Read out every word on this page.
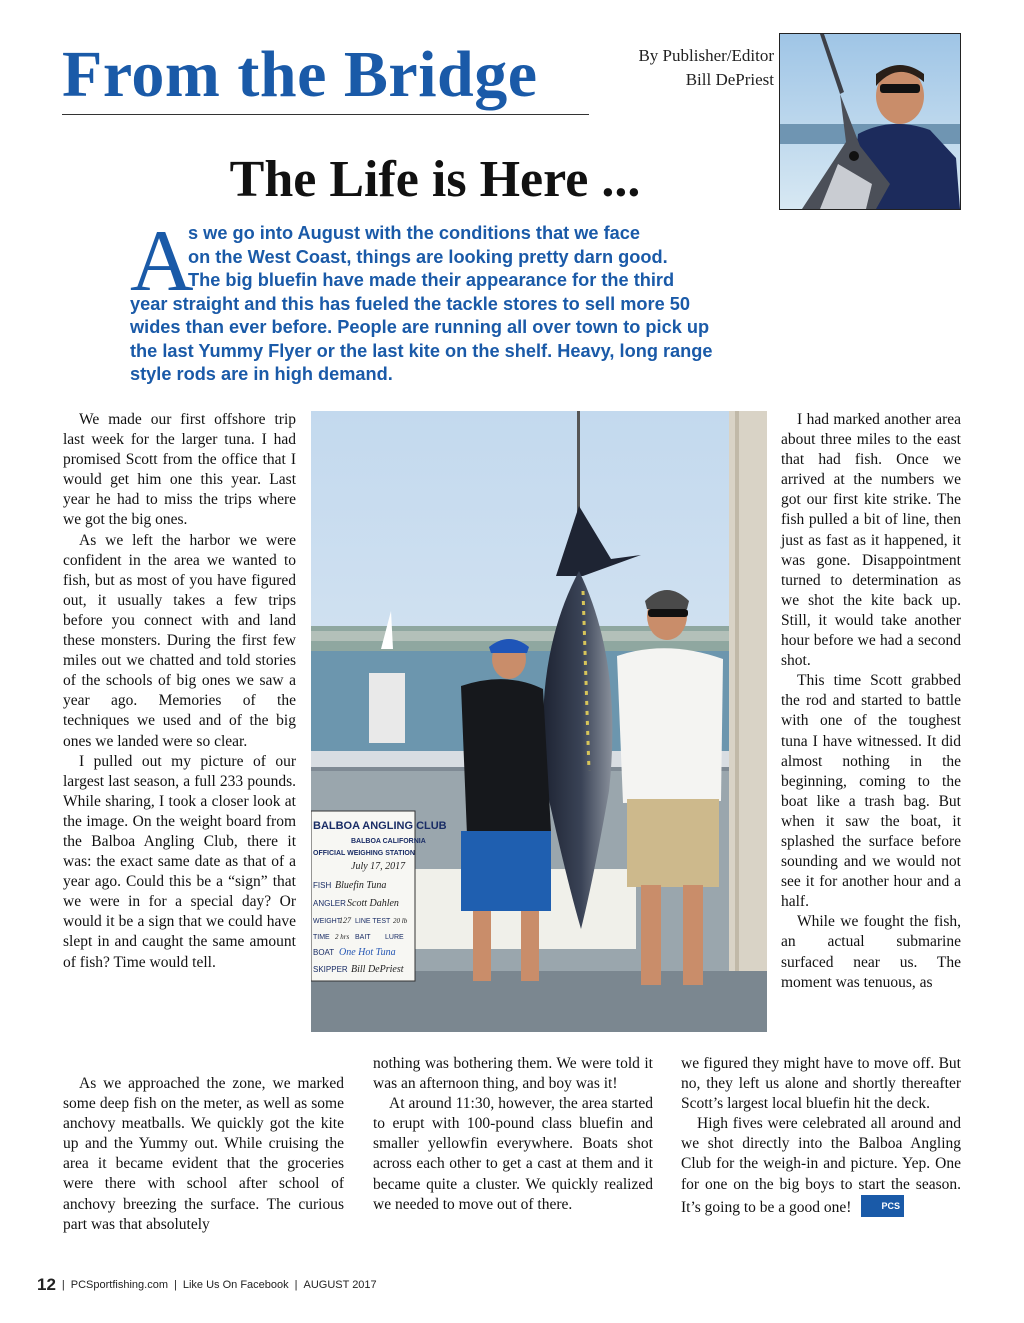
From the Bridge	By Publisher/Editor
Bill DePriest
The Life is Here ...
A
s we go into August with the conditions that we face
on the West Coast, things are looking pretty darn good.
The big bluefin have made their appearance for the third
year straight and this has fueled the tackle stores to sell more 50 wides than ever before. People are running all over town to pick up the last Yummy Flyer or the last kite on the shelf. Heavy, long range style rods are in high demand.
BALBOA ANGLING CLUB
BALBOA CALIFORNIA
OFFICIAL WEIGHING STATION
July 17, 2017
FISH Bluefin Tuna
ANGLER Scott Dahlen
WEIGHT
127 LINE TEST 20 lb
TIME 2 hrs BAIT LURE
BOAT One Hot Tuna
SKIPPER Bill DePriest

We made our first offshore trip last week for the larger tuna. I had promised Scott from the office that I would get him one this year. Last year he had to miss the trips where we got the big ones.

As we left the harbor we were confident in the area we wanted to fish, but as most of you have figured out, it usually takes a few trips before you connect with and land these monsters. During the first few miles out we chatted and told stories of the schools of big ones we saw a year ago. Memories of the techniques we used and of the big ones we landed were so clear.

I pulled out my picture of our largest last season, a full 233 pounds. While sharing, I took a closer look at the image. On the weight board from the Balboa Angling Club, there it was: the exact same date as that of a year ago. Could this be a “sign” that we were in for a special day? Or would it be a sign that we could have slept in and caught the same amount of fish? Time would tell.

As we approached the zone, we marked some deep fish on the meter, as well as some anchovy meatballs. We quickly got the kite up and the Yummy out. While cruising the area it became evident that the groceries were there with school after school of anchovy breezing the surface. The curious part was that absolutely

nothing was bothering them. We were told it was an afternoon thing, and boy was it!

At around 11:30, however, the area started to erupt with 100-pound class bluefin and smaller yellowfin everywhere. Boats shot across each other to get a cast at them and it became quite a cluster. We quickly realized we needed to move out of there.

I had marked another area about three miles to the east that had fish. Once we arrived at the numbers we got our first kite strike. The fish pulled a bit of line, then just as fast as it happened, it was gone. Disappointment turned to determination as we shot the kite back up. Still, it would take another hour before we had a second shot.

This time Scott grabbed the rod and started to battle with one of the toughest tuna I have witnessed. It did almost nothing in the beginning, coming to the boat like a trash bag. But when it saw the boat, it splashed the surface before sounding and we would not see it for another hour and a half.

While we fought the fish, an actual submarine surfaced near us. The moment was tenuous, as

we figured they might have to move off. But no, they left us alone and shortly thereafter Scott’s largest local bluefin hit the deck.

High fives were celebrated all around and we shot directly into the Balboa Angling Club for the weigh-in and picture. Yep. One for one on the big boys to start the season. It’s going to be a good one!	PCS

12 | PCSportfishing.com | Like Us On Facebook | AUGUST 2017
